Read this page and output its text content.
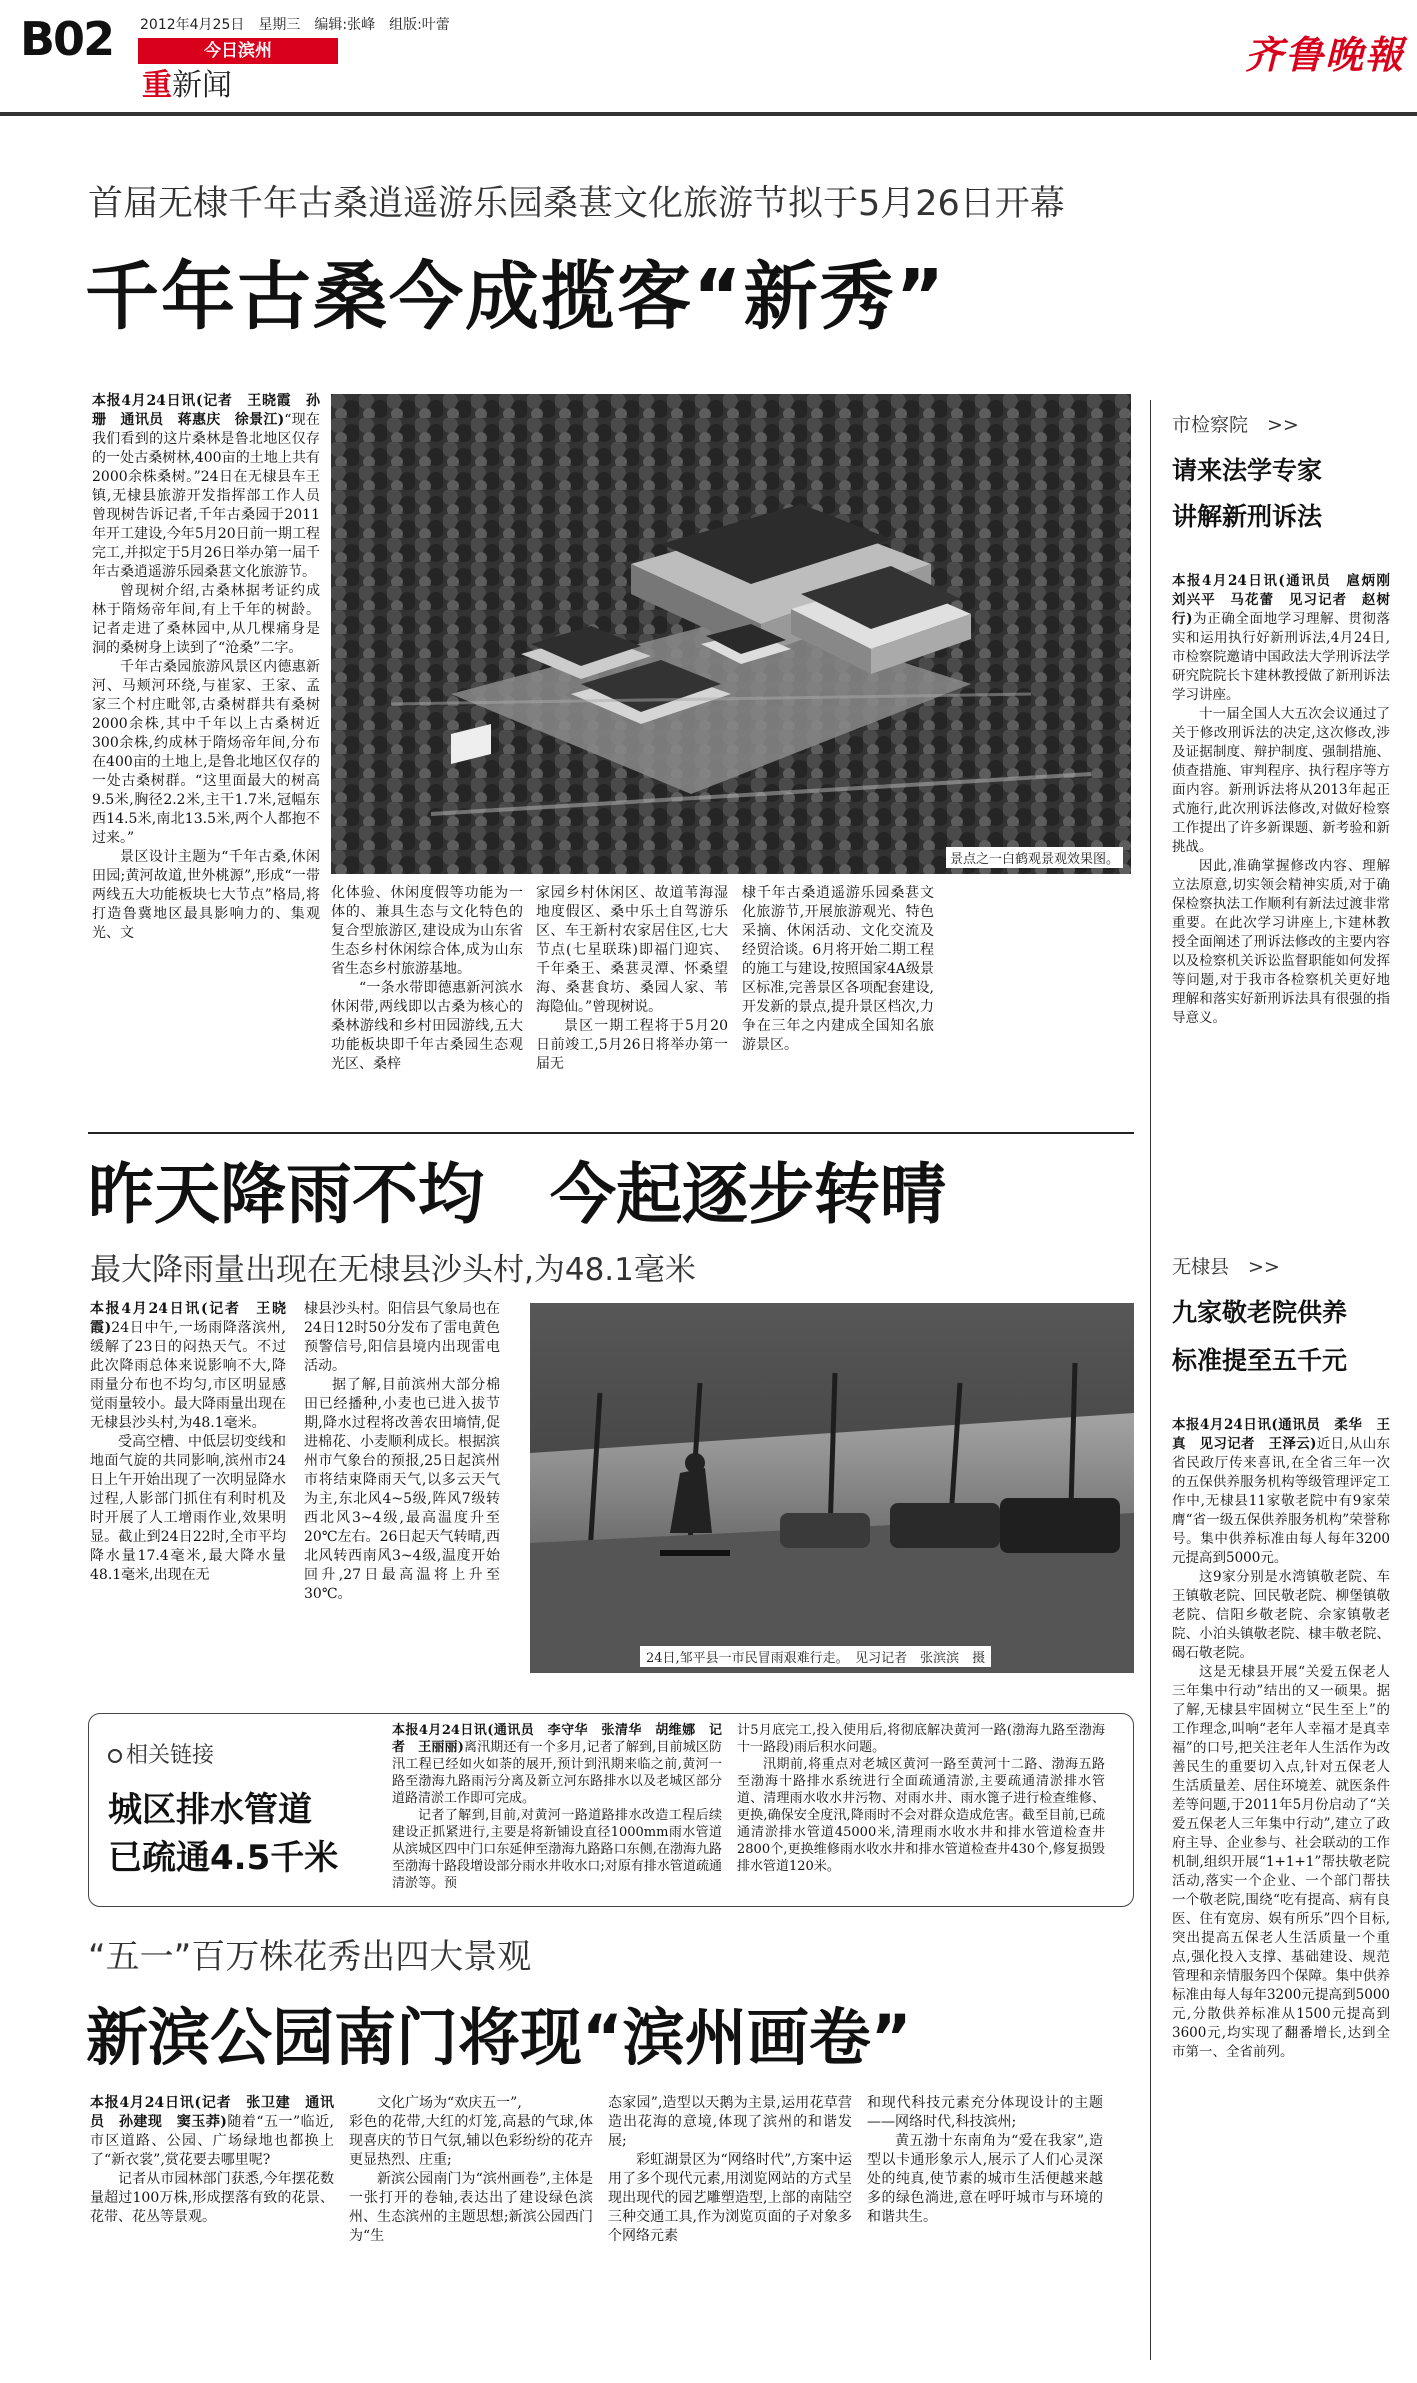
B02 2012年4月25日　星期三　编辑:张峰　组版:叶蕾
今日滨州
重新闻
齐鲁晚報
首届无棣千年古桑逍遥游乐园桑葚文化旅游节拟于5月26日开幕
千年古桑今成揽客“新秀”

本报4月24日讯(记者　王晓霞　孙珊　通讯员　蒋惠庆　徐景江)“现在我们看到的这片桑林是鲁北地区仅存的一处古桑树林,400亩的土地上共有2000余株桑树。”24日在无棣县车王镇,无棣县旅游开发指挥部工作人员曾现树告诉记者,千年古桑园于2011年开工建设,今年5月20日前一期工程完工,并拟定于5月26日举办第一届千年古桑逍遥游乐园桑葚文化旅游节。

曾现树介绍,古桑林据考证约成林于隋炀帝年间,有上千年的树龄。记者走进了桑林园中,从几棵痛身是洞的桑树身上读到了“沧桑”二字。

千年古桑园旅游风景区内德惠新河、马颊河环绕,与崔家、王家、孟家三个村庄毗邻,古桑树群共有桑树2000余株,其中千年以上古桑树近300余株,约成林于隋炀帝年间,分布在400亩的土地上,是鲁北地区仅存的一处古桑树群。“这里面最大的树高9.5米,胸径2.2米,主干1.7米,冠幅东西14.5米,南北13.5米,两个人都抱不过来。”

景区设计主题为“千年古桑,休闲田园;黄河故道,世外桃源”,形成“一带两线五大功能板块七大节点”格局,将打造鲁冀地区最具影响力的、集观光、文

景点之一白鹤观景观效果图。

化体验、休闲度假等功能为一体的、兼具生态与文化特色的复合型旅游区,建设成为山东省生态乡村休闲综合体,成为山东省生态乡村旅游基地。

“一条水带即德惠新河滨水休闲带,两线即以古桑为核心的桑林游线和乡村田园游线,五大功能板块即千年古桑园生态观光区、桑梓

家园乡村休闲区、故道苇海湿地度假区、桑中乐土自驾游乐区、车王新村农家居住区,七大节点(七星联珠)即福门迎宾、千年桑王、桑葚灵潭、怀桑望海、桑葚食坊、桑园人家、苇海隐仙。”曾现树说。

景区一期工程将于5月20日前竣工,5月26日将举办第一届无

棣千年古桑逍遥游乐园桑葚文化旅游节,开展旅游观光、特色采摘、休闲活动、文化交流及经贸洽谈。6月将开始二期工程的施工与建设,按照国家4A级景区标准,完善景区各项配套建设,开发新的景点,提升景区档次,力争在三年之内建成全国知名旅游景区。

昨天降雨不均　今起逐步转晴
最大降雨量出现在无棣县沙头村,为48.1毫米

本报4月24日讯(记者　王晓霞)24日中午,一场雨降落滨州,缓解了23日的闷热天气。不过此次降雨总体来说影响不大,降雨量分布也不均匀,市区明显感觉雨量较小。最大降雨量出现在无棣县沙头村,为48.1毫米。

受高空槽、中低层切变线和地面气旋的共同影响,滨州市24日上午开始出现了一次明显降水过程,人影部门抓住有利时机及时开展了人工增雨作业,效果明显。截止到24日22时,全市平均降水量17.4毫米,最大降水量48.1毫米,出现在无

棣县沙头村。阳信县气象局也在24日12时50分发布了雷电黄色预警信号,阳信县境内出现雷电活动。

据了解,目前滨州大部分棉田已经播种,小麦也已进入拔节期,降水过程将改善农田墒情,促进棉花、小麦顺利成长。根据滨州市气象台的预报,25日起滨州市将结束降雨天气,以多云天气为主,东北风4~5级,阵风7级转西北风3~4级,最高温度升至20℃左右。26日起天气转晴,西北风转西南风3~4级,温度开始回升,27日最高温将上升至30℃。

24日,邹平县一市民冒雨艰难行走。　见习记者　张滨滨　摄
相关链接
城区排水管道
已疏通4.5千米

本报4月24日讯(通讯员　李守华　张清华　胡维娜　记者　王丽丽)离汛期还有一个多月,记者了解到,目前城区防汛工程已经如火如荼的展开,预计到汛期来临之前,黄河一路至渤海九路雨污分离及新立河东路排水以及老城区部分道路清淤工作即可完成。

记者了解到,目前,对黄河一路道路排水改造工程后续建设正抓紧进行,主要是将新铺设直径1000mm雨水管道从滨城区四中门口东延伸至渤海九路路口东侧,在渤海九路至渤海十路段增设部分雨水井收水口;对原有排水管道疏通清淤等。预

计5月底完工,投入使用后,将彻底解决黄河一路(渤海九路至渤海十一路段)雨后积水问题。

汛期前,将重点对老城区黄河一路至黄河十二路、渤海五路至渤海十路排水系统进行全面疏通清淤,主要疏通清淤排水管道、清理雨水收水井污物、对雨水井、雨水篦子进行检查维修、更换,确保安全度汛,降雨时不会对群众造成危害。截至目前,已疏通清淤排水管道45000米,清理雨水收水井和排水管道检查井2800个,更换维修雨水收水井和排水管道检查井430个,修复损毁排水管道120米。

“五一”百万株花秀出四大景观
新滨公园南门将现“滨州画卷”

本报4月24日讯(记者　张卫建　通讯员　孙建现　窦玉莽)随着“五一”临近,市区道路、公园、广场绿地也都换上了“新衣裳”,赏花要去哪里呢?

记者从市园林部门获悉,今年摆花数量超过100万株,形成摆落有致的花景、花带、花丛等景观。

文化广场为“欢庆五一”,

彩色的花带,大红的灯笼,高悬的气球,体现喜庆的节日气氛,辅以色彩纷纷的花卉更显热烈、庄重;

新滨公园南门为“滨州画卷”,主体是一张打开的卷轴,表达出了建设绿色滨州、生态滨州的主题思想;新滨公园西门为“生

态家园”,造型以天鹅为主景,运用花草营造出花海的意境,体现了滨州的和谐发展;

彩虹湖景区为“网络时代”,方案中运用了多个现代元素,用浏览网站的方式呈现出现代的园艺雕塑造型,上部的南陆空三种交通工具,作为浏览页面的子对象多个网络元素

和现代科技元素充分体现设计的主题——网络时代,科技滨州;

黄五渤十东南角为“爱在我家”,造型以卡通形象示人,展示了人们心灵深处的纯真,使节素的城市生活便越来越多的绿色淌进,意在呼吁城市与环境的和谐共生。

市检察院　>>
请来法学专家
讲解新刑诉法

本报4月24日讯(通讯员　扈炳刚　刘兴平　马花蕾　见习记者　赵树行)为正确全面地学习理解、贯彻落实和运用执行好新刑诉法,4月24日,市检察院邀请中国政法大学刑诉法学研究院院长卞建林教授做了新刑诉法学习讲座。

十一届全国人大五次会议通过了关于修改刑诉法的决定,这次修改,涉及证据制度、辩护制度、强制措施、侦查措施、审判程序、执行程序等方面内容。新刑诉法将从2013年起正式施行,此次刑诉法修改,对做好检察工作提出了许多新课题、新考验和新挑战。

因此,准确掌握修改内容、理解立法原意,切实领会精神实质,对于确保检察执法工作顺利有新法过渡非常重要。在此次学习讲座上,卞建林教授全面阐述了刑诉法修改的主要内容以及检察机关诉讼监督职能如何发挥等问题,对于我市各检察机关更好地理解和落实好新刑诉法具有很强的指导意义。

无棣县　>>
九家敬老院供养
标准提至五千元

本报4月24日讯(通讯员　柔华　王真　见习记者　王泽云)近日,从山东省民政厅传来喜讯,在全省三年一次的五保供养服务机构等级管理评定工作中,无棣县11家敬老院中有9家荣膺“省一级五保供养服务机构”荣誉称号。集中供养标准由每人每年3200元提高到5000元。

这9家分别是水湾镇敬老院、车王镇敬老院、回民敬老院、柳堡镇敬老院、信阳乡敬老院、佘家镇敬老院、小泊头镇敬老院、棣丰敬老院、碣石敬老院。

这是无棣县开展“关爱五保老人三年集中行动”结出的又一硕果。据了解,无棣县牢固树立“民生至上”的工作理念,叫响“老年人幸福才是真幸福”的口号,把关注老年人生活作为改善民生的重要切入点,针对五保老人生活质量差、居住环境差、就医条件差等问题,于2011年5月份启动了“关爱五保老人三年集中行动”,建立了政府主导、企业参与、社会联动的工作机制,组织开展“1+1+1”帮扶敬老院活动,落实一个企业、一个部门帮扶一个敬老院,围绕“吃有提高、病有良医、住有宽房、娱有所乐”四个目标,突出提高五保老人生活质量一个重点,强化投入支撑、基础建设、规范管理和亲情服务四个保障。集中供养标准由每人每年3200元提高到5000元,分散供养标准从1500元提高到3600元,均实现了翻番增长,达到全市第一、全省前列。
